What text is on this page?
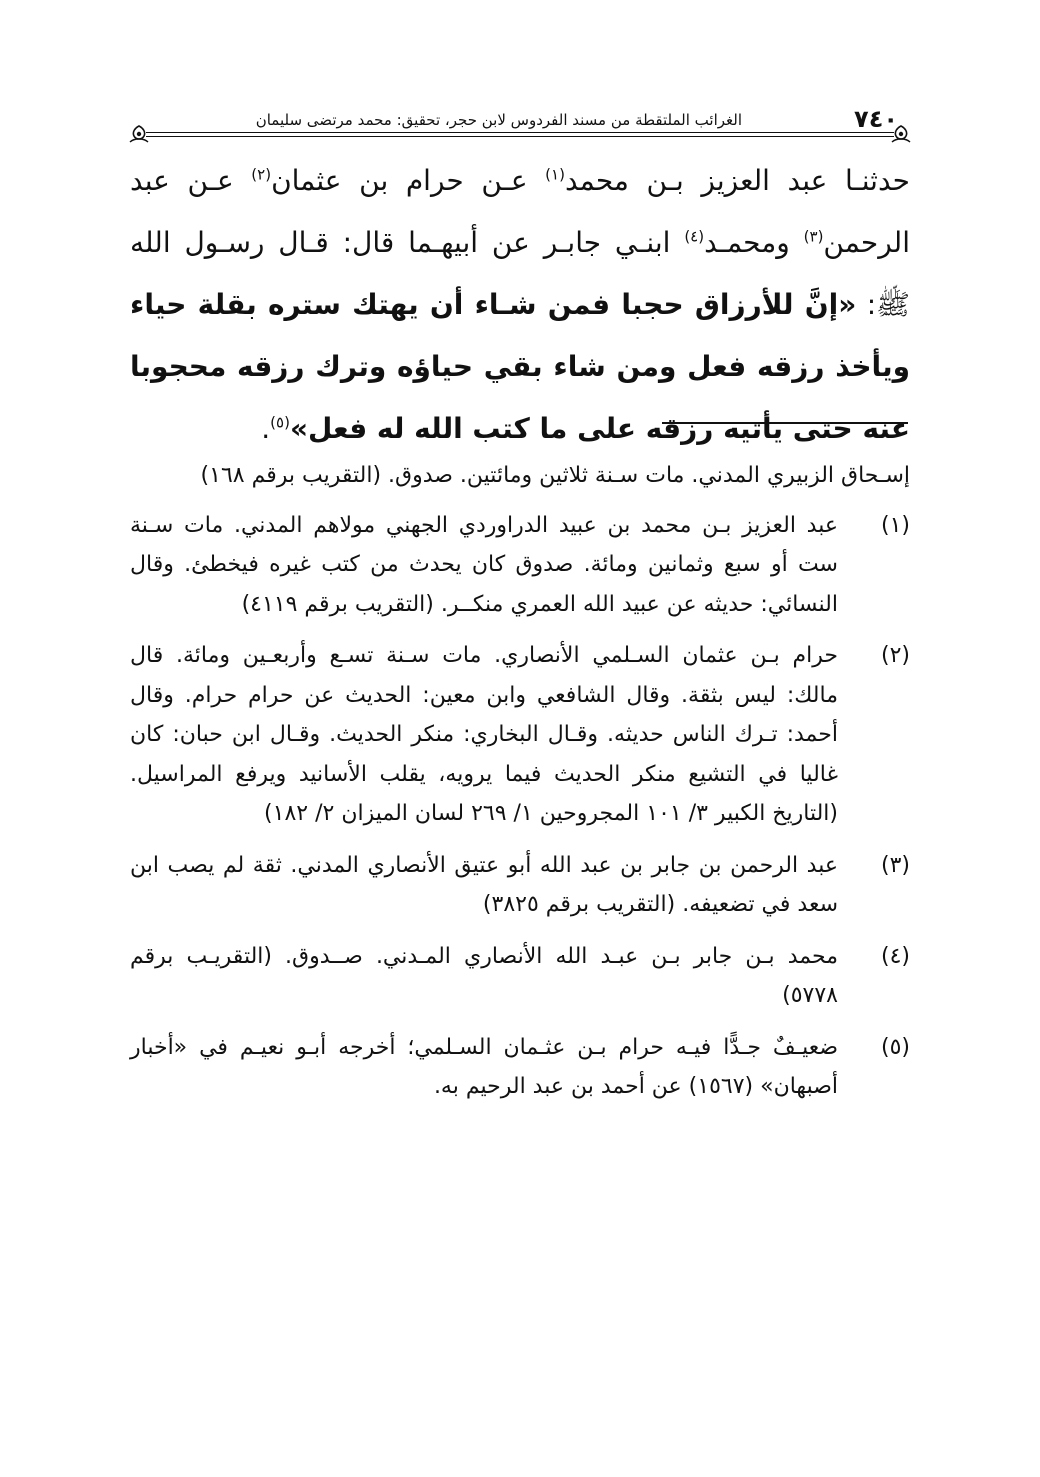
٧٤٠
الغرائب الملتقطة من مسند الفردوس لابن حجر، تحقيق: محمد مرتضى سليمان

حدثنـا عبد العزيز بـن محمد$^{(١)}$ عـن حرام بن عثمان$^{(٢)}$ عـن عبد الرحمن$^{(٣)}$ ومحمـد$^{(٤)}$ ابنـي جابـر عن أبيهـما قال: قـال رسـول الله ﷺ: «إنَّ للأرزاق حجبا فمن شـاء أن يهتك ستره بقلة حياء ويأخذ رزقه فعل ومن شاء بقي حياؤه وترك رزقه محجوبا عنه حتى يأتيه رزقه على ما كتب الله له فعل»$^{(٥)}$.

إسـحاق الزبيري المدني. مات سـنة ثلاثين ومائتين. صدوق. (التقريب برقم ١٦٨)

(١)
عبد العزيز بـن محمد بن عبيد الدراوردي الجهني مولاهم المدني. مات سـنة ست أو سبع وثمانين ومائة. صدوق كان يحدث من كتب غيره فيخطئ. وقال النسائي: حديثه عن عبيد الله العمري منكــر. (التقريب برقم ٤١١٩)
(٢)
حرام بـن عثمان السـلمي الأنصاري. مات سـنة تسـع وأربعـين ومائة. قال مالك: ليس بثقة. وقال الشافعي وابن معين: الحديث عن حرام حرام. وقال أحمد: تـرك الناس حديثه. وقـال البخاري: منكر الحديث. وقـال ابن حبان: كان غاليا في التشيع منكر الحديث فيما يرويه، يقلب الأسانيد ويرفع المراسيل. (التاريخ الكبير ٣/ ١٠١ المجروحين ١/ ٢٦٩ لسان الميزان ٢/ ١٨٢)
(٣)
عبد الرحمن بن جابر بن عبد الله أبو عتيق الأنصاري المدني. ثقة لم يصب ابن سعد في تضعيفه. (التقريب برقم ٣٨٢٥)
(٤)
محمد بـن جابر بـن عبـد الله الأنصاري المـدني. صــدوق. (التقريـب برقم ٥٧٧٨)
(٥)
ضعيـفٌ جـدًّا فيـه حرام بـن عثـمان السـلمي؛ أخرجه أبـو نعيـم في «أخبار أصبهان» (١٥٦٧) عن أحمد بن عبد الرحيم به.
